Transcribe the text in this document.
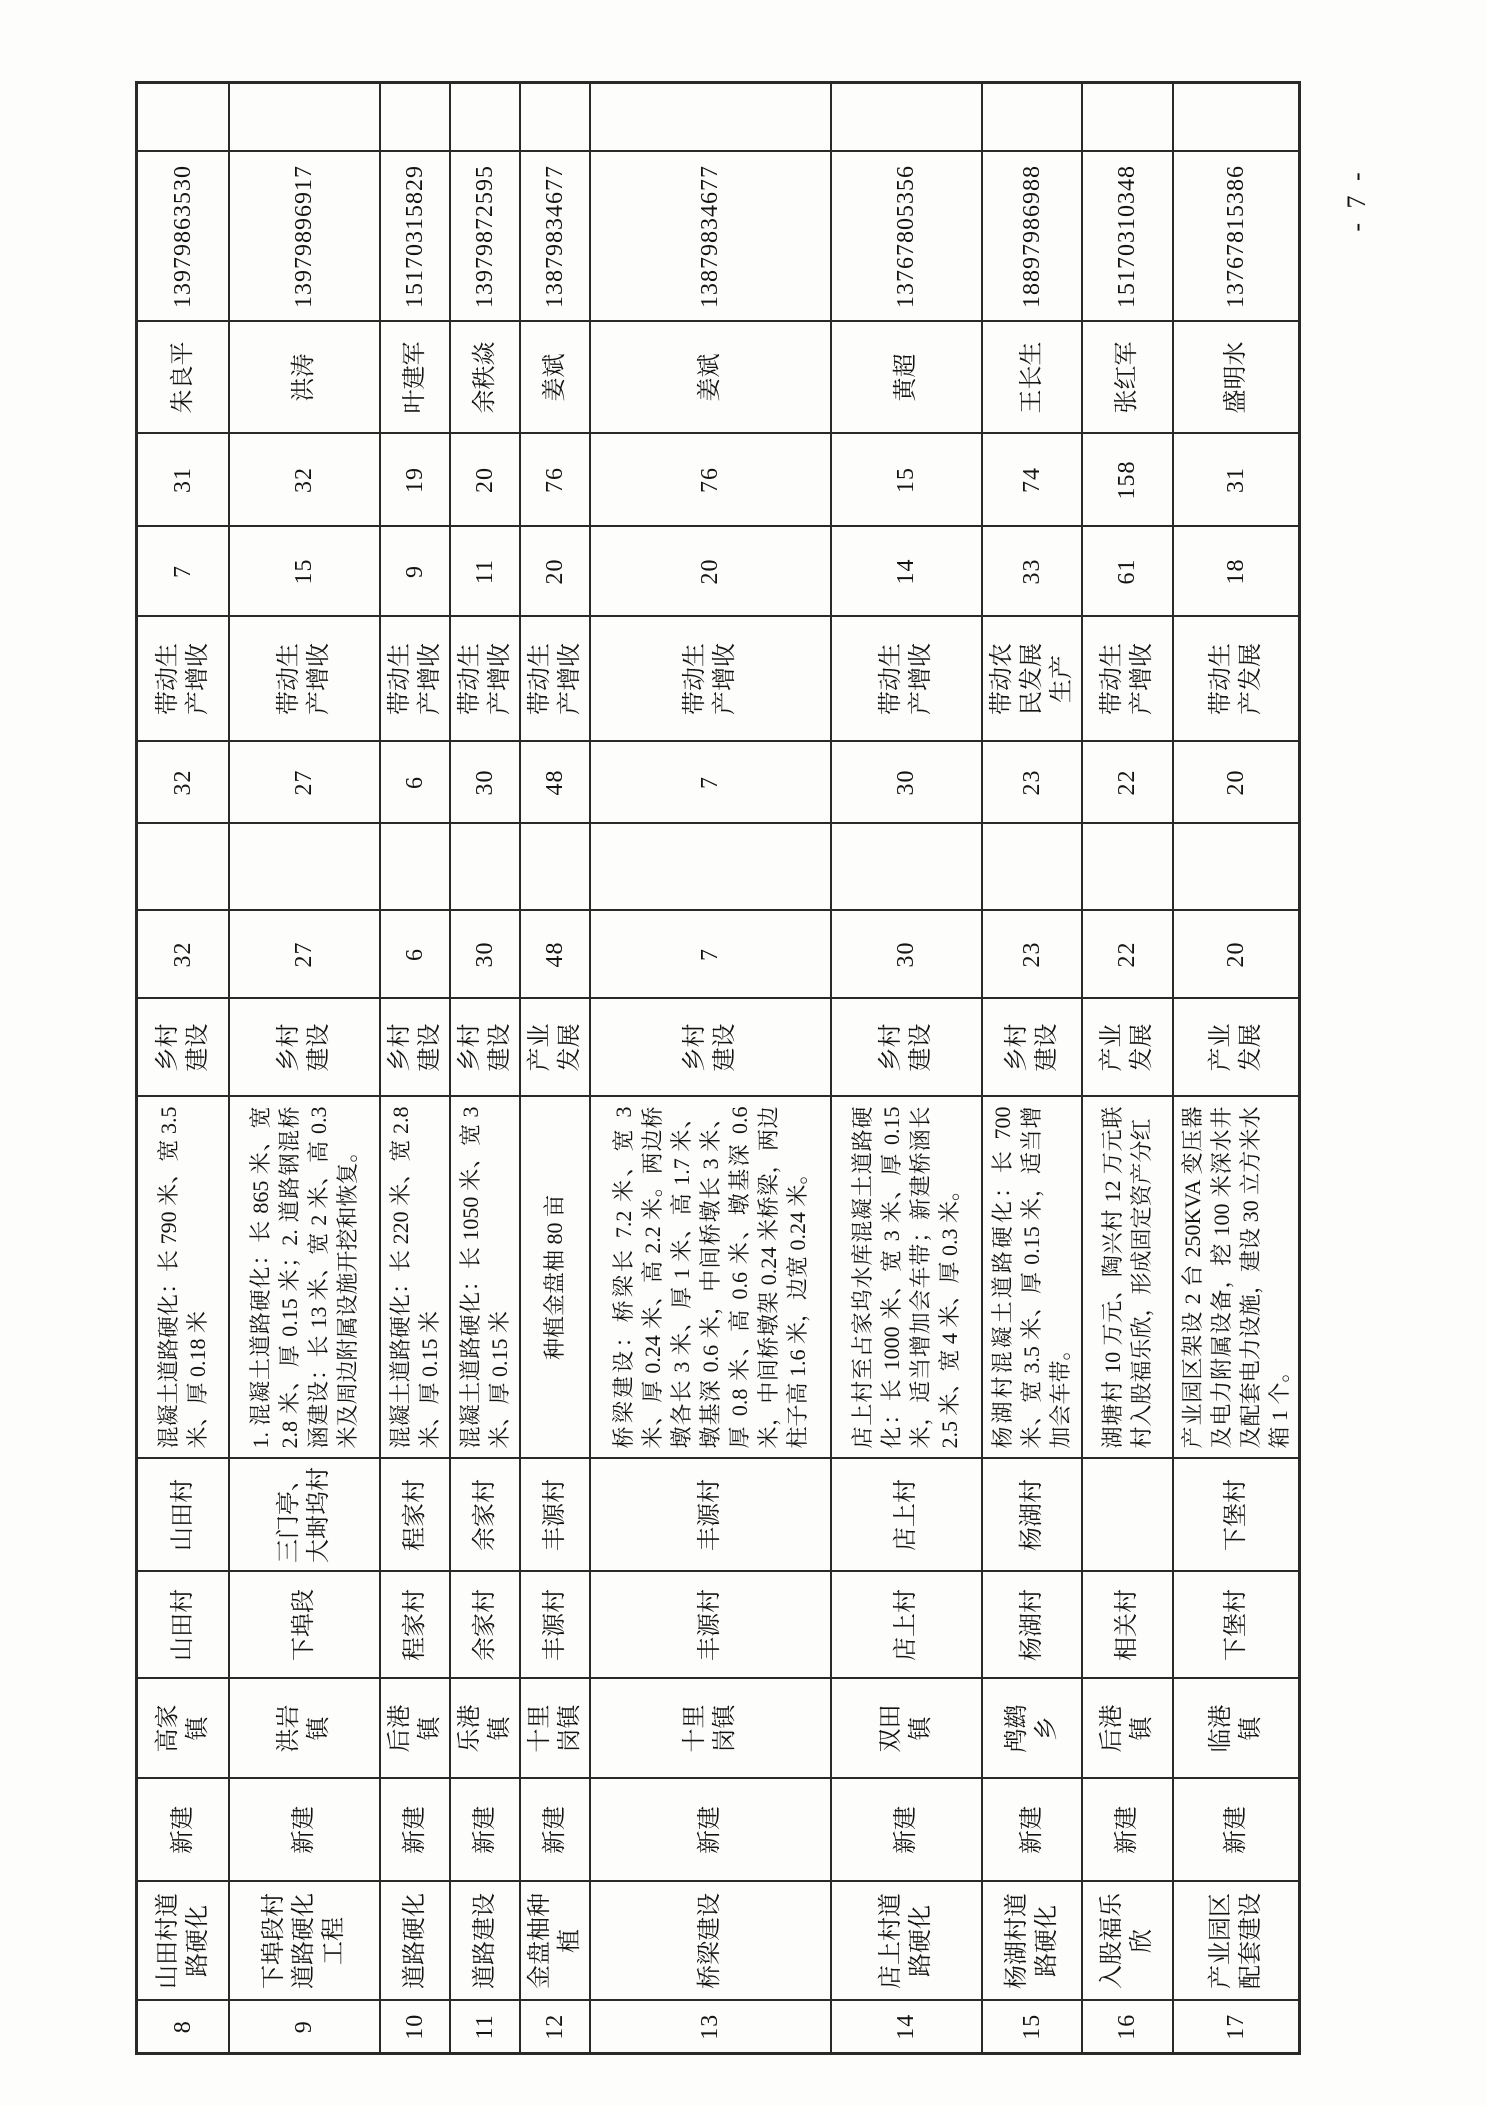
8	山田村道路硬化	新建	高家镇	山田村	山田村	混凝土道路硬化：长 790 米、宽 3.5 米、厚 0.18 米	乡村建设	32		32	带动生产增收	7	31	朱良平	13979863530	
9	下埠段村道路硬化工程	新建	洪岩镇	下埠段	三门亭、大埘坞村	1. 混凝土道路硬化：长 865 米、宽 2.8 米、厚 0.15 米；2. 道路钢混桥涵建设：长 13 米、宽 2 米、高 0.3 米及周边附属设施开挖和恢复。	乡村建设	27		27	带动生产增收	15	32	洪涛	13979896917	
10	道路硬化	新建	后港镇	程家村	程家村	混凝土道路硬化：长 220 米、宽 2.8 米、厚 0.15 米	乡村建设	6		6	带动生产增收	9	19	叶建军	15170315829	
11	道路建设	新建	乐港镇	余家村	余家村	混凝土道路硬化：长 1050 米、宽 3 米、厚 0.15 米	乡村建设	30		30	带动生产增收	11	20	余秩焱	13979872595	
12	金盘柚种植	新建	十里岗镇	丰源村	丰源村	种植金盘柚 80 亩	产业发展	48		48	带动生产增收	20	76	姜斌	13879834677	
13	桥梁建设	新建	十里岗镇	丰源村	丰源村	桥梁建设：桥梁长 7.2 米、宽 3 米、厚 0.24 米、高 2.2 米。两边桥墩各长 3 米、厚 1 米、高 1.7 米、墩基深 0.6 米，中间桥墩长 3 米、厚 0.8 米、高 0.6 米、墩基深 0.6 米，中间桥墩架 0.24 米桥梁，两边柱子高 1.6 米，边宽 0.24 米。	乡村建设	7		7	带动生产增收	20	76	姜斌	13879834677	
14	店上村道路硬化	新建	双田镇	店上村	店上村	店上村至占家坞水库混凝土道路硬化：长 1000 米、宽 3 米、厚 0.15 米，适当增加会车带；新建桥涵长 2.5 米、宽 4 米、厚 0.3 米。	乡村建设	30		30	带动生产增收	14	15	黄超	13767805356	
15	杨湖村道路硬化	新建	鸬鹚乡	杨湖村	杨湖村	杨湖村混凝土道路硬化：长 700 米、宽 3.5 米、厚 0.15 米，适当增加会车带。	乡村建设	23		23	带动农民发展生产	33	74	王长生	18897986988	
16	入股福乐欣	新建	后港镇	相关村		湖塘村 10 万元、陶兴村 12 万元联村入股福乐欣，形成固定资产分红	产业发展	22		22	带动生产增收	61	158	张红军	15170310348	
17	产业园区配套建设	新建	临港镇	下堡村	下堡村	产业园区架设 2 台 250KVA 变压器及电力附属设备，挖 100 米深水井及配套电力设施，建设 30 立方米水箱 1 个。	产业发展	20		20	带动生产发展	18	31	盛明水	13767815386		- 7 -
